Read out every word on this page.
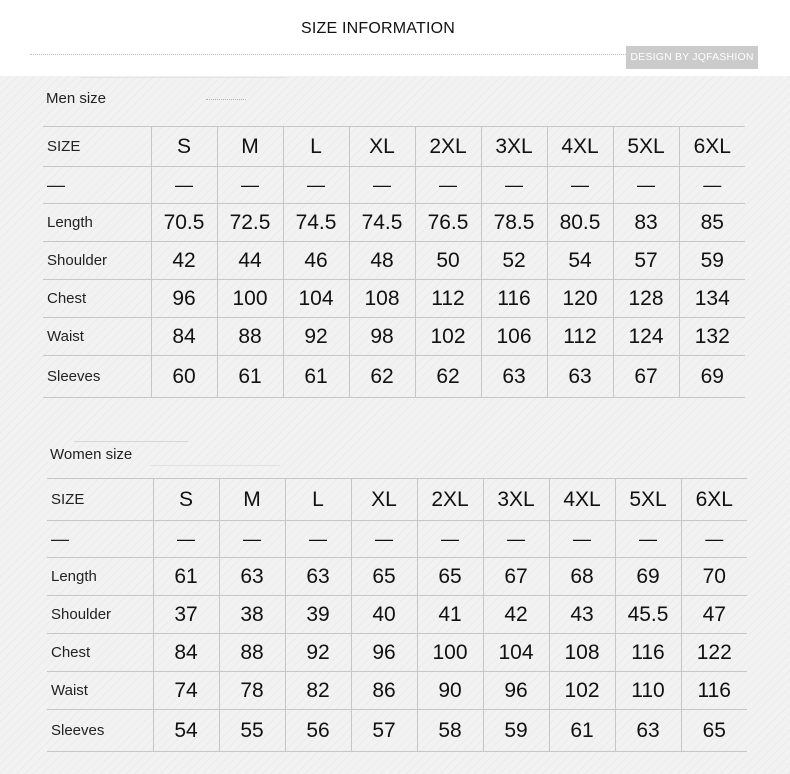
SIZE INFORMATION
DESIGN BY JQFASHION
Men size
SIZE	S	M	L	XL	2XL	3XL	4XL	5XL	6XL
—	—	—	—	—	—	—	—	—	—
Length	70.5	72.5	74.5	74.5	76.5	78.5	80.5	83	85
Shoulder	42	44	46	48	50	52	54	57	59
Chest	96	100	104	108	112	116	120	128	134
Waist	84	88	92	98	102	106	112	124	132
Sleeves	60	61	61	62	62	63	63	67	69
Women size
SIZE	S	M	L	XL	2XL	3XL	4XL	5XL	6XL
—	—	—	—	—	—	—	—	—	—
Length	61	63	63	65	65	67	68	69	70
Shoulder	37	38	39	40	41	42	43	45.5	47
Chest	84	88	92	96	100	104	108	116	122
Waist	74	78	82	86	90	96	102	110	116
Sleeves	54	55	56	57	58	59	61	63	65
